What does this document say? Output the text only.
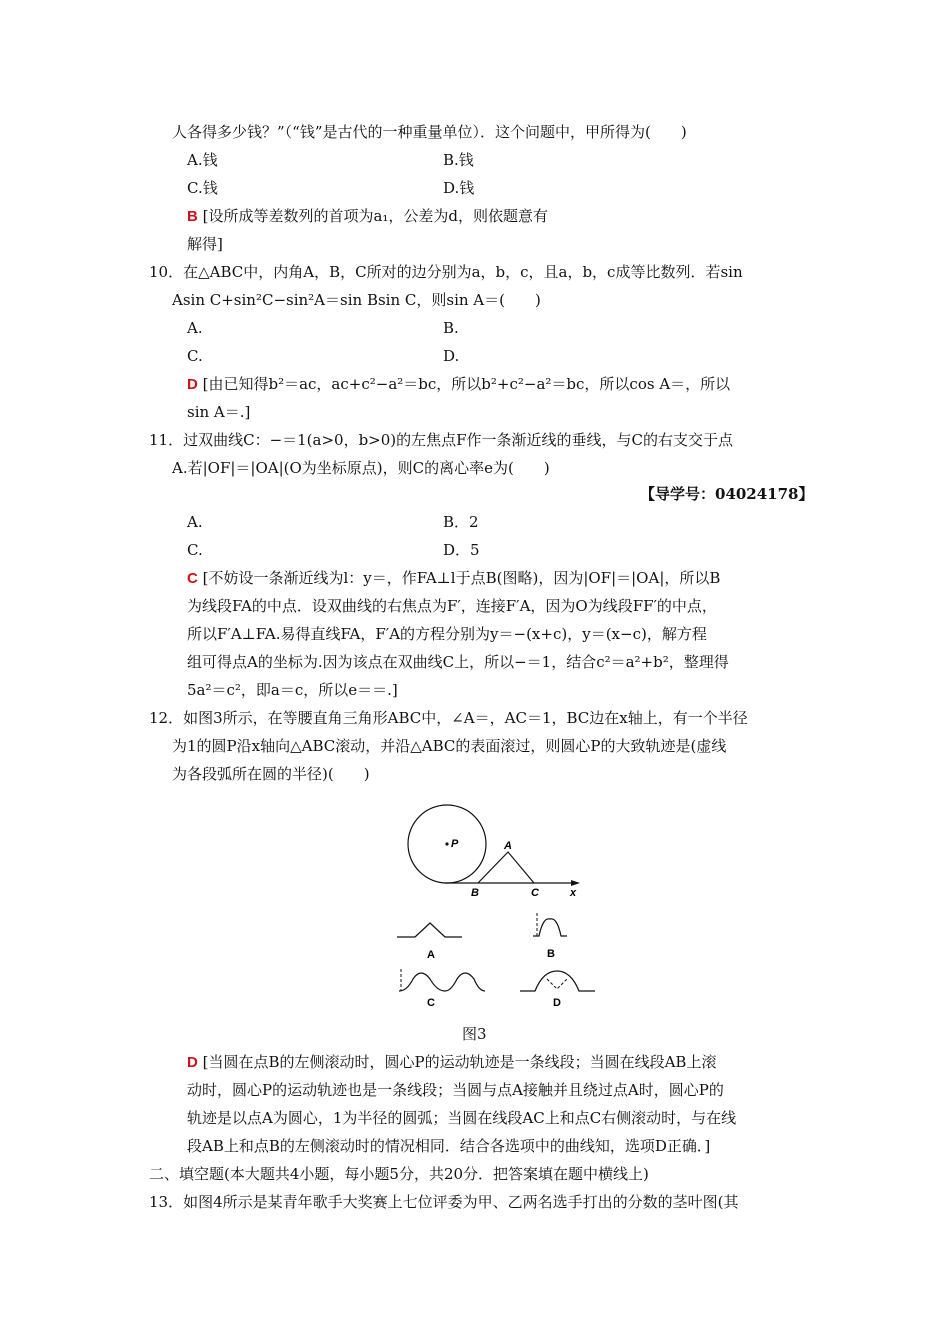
人各得多少钱？”（“钱”是古代的一种重量单位）．这个问题中，甲所得为(　　)
A.钱	B.钱
C.钱	D.钱
B [设所成等差数列的首项为a₁，公差为d，则依题意有
解得]
10．在△ABC中，内角A，B，C所对的边分别为a，b，c，且a，b，c成等比数列．若sin
Asin C+sin²C−sin²A＝sin Bsin C，则sin A＝(　　)
A.	B.
C.	D.
D [由已知得b²＝ac，ac+c²−a²＝bc，所以b²+c²−a²＝bc，所以cos A＝，所以
sin A＝.]
11．过双曲线C：−＝1(a>0，b>0)的左焦点F作一条渐近线的垂线，与C的右支交于点
A.若|OF|＝|OA|(O为坐标原点)，则C的离心率e为(　　)
【导学号：04024178】
A.	B．2
C.	D．5
C [不妨设一条渐近线为l：y＝，作FA⊥l于点B(图略)，因为|OF|＝|OA|，所以B
为线段FA的中点．设双曲线的右焦点为F′，连接F′A，因为O为线段FF′的中点，
所以F′A⊥FA.易得直线FA，F′A的方程分别为y＝−(x+c)，y＝(x−c)，解方程
组可得点A的坐标为.因为该点在双曲线C上，所以−＝1，结合c²＝a²+b²，整理得
5a²＝c²，即a＝c，所以e＝＝.]
12．如图3所示，在等腰直角三角形ABC中，∠A＝，AC＝1，BC边在x轴上，有一个半径
为1的圆P沿x轴向△ABC滚动，并沿△ABC的表面滚过，则圆心P的大致轨迹是(虚线
为各段弧所在圆的半径)(　　)
P	A
B	C	x
A	B
C	D
图3
D [当圆在点B的左侧滚动时，圆心P的运动轨迹是一条线段；当圆在线段AB上滚
动时，圆心P的运动轨迹也是一条线段；当圆与点A接触并且绕过点A时，圆心P的
轨迹是以点A为圆心，1为半径的圆弧；当圆在线段AC上和点C右侧滚动时，与在线
段AB上和点B的左侧滚动时的情况相同．结合各选项中的曲线知，选项D正确．]
二、填空题(本大题共4小题，每小题5分，共20分．把答案填在题中横线上)
13．如图4所示是某青年歌手大奖赛上七位评委为甲、乙两名选手打出的分数的茎叶图(其
